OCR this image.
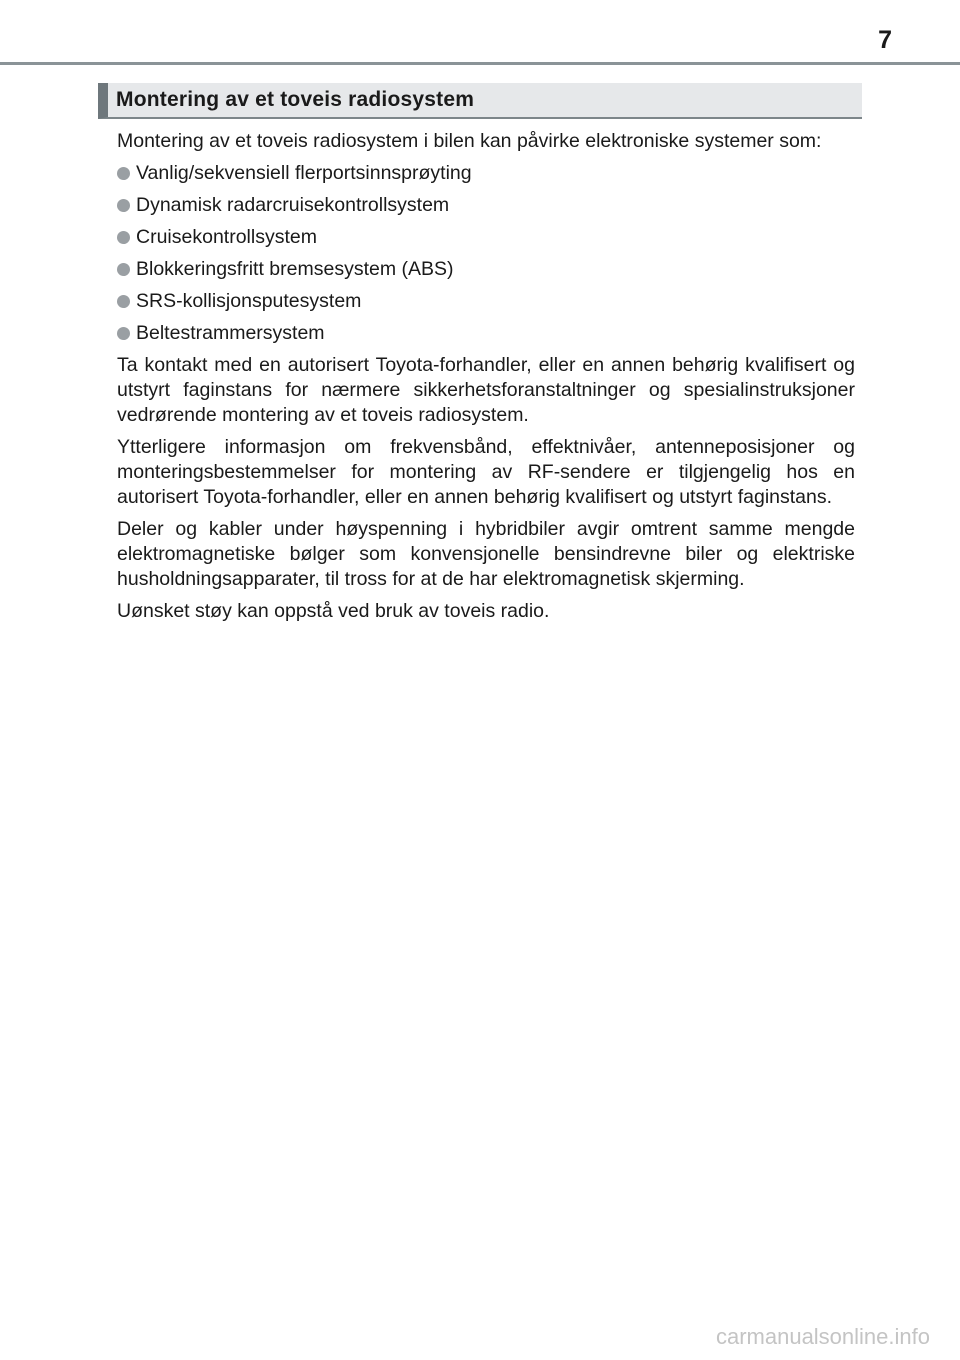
7
Montering av et toveis radiosystem

Montering av et toveis radiosystem i bilen kan påvirke elektroniske systemer som:

Vanlig/sekvensiell flerportsinnsprøyting
Dynamisk radarcruisekontrollsystem
Cruisekontrollsystem
Blokkeringsfritt bremsesystem (ABS)
SRS-kollisjonsputesystem
Beltestrammersystem

Ta kontakt med en autorisert Toyota-forhandler, eller en annen behørig kvalifisert og utstyrt faginstans for nærmere sikkerhetsforanstaltninger og spesialinstruksjoner vedrørende montering av et toveis radiosystem.

Ytterligere informasjon om frekvensbånd, effektnivåer, antenneposisjoner og monteringsbestemmelser for montering av RF-sendere er tilgjengelig hos en autorisert Toyota-forhandler, eller en annen behørig kvalifisert og utstyrt faginstans.

Deler og kabler under høyspenning i hybridbiler avgir omtrent samme mengde elektromagnetiske bølger som konvensjonelle bensindrevne biler og elektriske husholdningsapparater, til tross for at de har elektromagnetisk skjerming.

Uønsket støy kan oppstå ved bruk av toveis radio.

carmanualsonline.info
